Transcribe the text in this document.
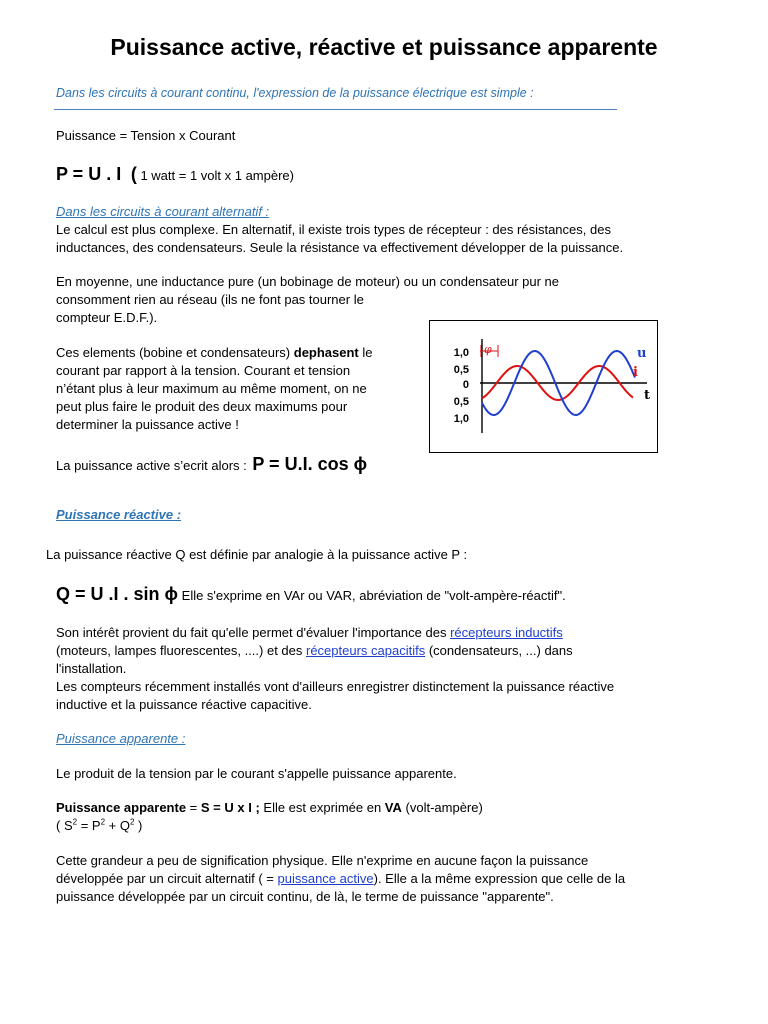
Puissance active, réactive et puissance apparente
Dans les circuits à courant continu, l'expression de la puissance électrique est simple :
Puissance = Tension x Courant
P = U . I ( 1 watt = 1 volt x 1 ampère)
Dans les circuits à courant alternatif :
Le calcul est plus complexe. En alternatif, il existe trois types de récepteur : des résistances, des
inductances, des condensateurs. Seule la résistance va effectivement développer de la puissance.
En moyenne, une inductance pure (un bobinage de moteur) ou un condensateur pur ne
consomment rien au réseau (ils ne font pas tourner le
compteur E.D.F.).
Ces elements (bobine et condensateurs) dephasent le
courant par rapport à la tension. Courant et tension
n’étant plus à leur maximum au même moment, on ne
peut plus faire le produit des deux maximums pour
determiner la puissance active !
La puissance active s’ecrit alors : P = U.I. cos ϕ
1,0
0,5
0
0,5
1,0
φ	u
i
t
Puissance réactive :
La puissance réactive Q est définie par analogie à la puissance active P :
Q = U .I . sin ϕ Elle s'exprime en VAr ou VAR, abréviation de "volt-ampère-réactif".
Son intérêt provient du fait qu'elle permet d'évaluer l'importance des récepteurs inductifs
(moteurs, lampes fluorescentes, ....) et des récepteurs capacitifs (condensateurs, ...) dans
l'installation.
Les compteurs récemment installés vont d'ailleurs enregistrer distinctement la puissance réactive
inductive et la puissance réactive capacitive.
Puissance apparente :
Le produit de la tension par le courant s'appelle puissance apparente.
Puissance apparente = S = U x I ; Elle est exprimée en VA (volt-ampère)
( $S^2 = P^2 + Q^2$ )
Cette grandeur a peu de signification physique. Elle n'exprime en aucune façon la puissance
développée par un circuit alternatif ( = puissance active). Elle a la même expression que celle de la
puissance développée par un circuit continu, de là, le terme de puissance "apparente".
